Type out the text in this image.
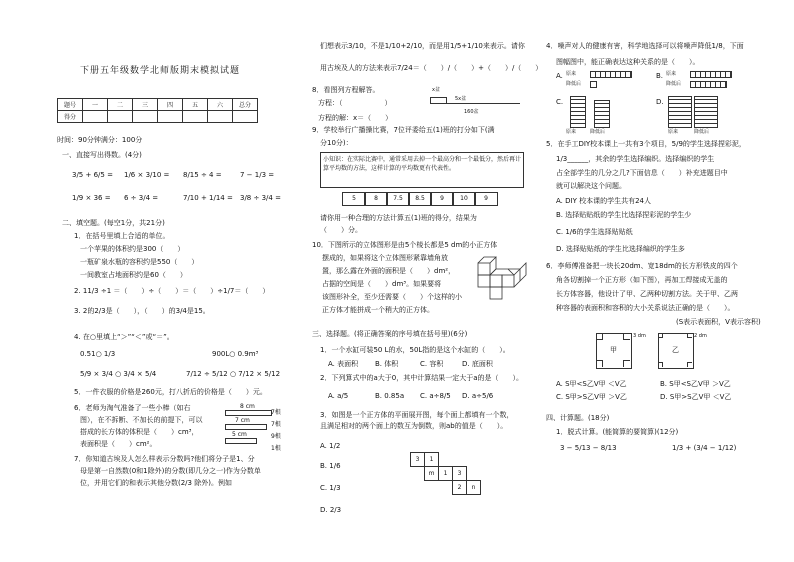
下册五年级数学北师版期末模拟试题
题号	一	二	三	四	五	六	总分
得分							
时间：90分钟满分：100分
一、直接写出得数。(4分)
3/5 + 6/5 = 1/6 × 3/10 = 8/15 ÷ 4 =	7 − 1/3 =
1/9 × 36 = 6 ÷ 3/4 =	7/10 + 1/14 = 3/8 ÷ 3/4 =
二、填空题。(每空1分，共21分)
1．在括号里填上合适的单位。
一个苹果的体积约是300（　　）
一瓶矿泉水瓶的容积约是550（　　）
一间教室占地面积约是60（　　）
2. 11/3 ÷1 ＝（　　）÷（　　）＝（　　）÷1/7＝（　　）
3. 2的2/3是（　　），（　　）的3/4是15。
4. 在○里填上“＞”“＜”或“＝”。
0.51○ 1/3	900L○ 0.9m³
5/9 × 3/4 ○ 3/4 × 5/4	7/12 ÷ 5/12 ○ 7/12 × 5/12
5．一件衣服的价格是260元，打八折后的价格是（　　）元。
6．老师为淘气准备了一些小棒（如右
图），在不拆断、不加长的前提下，可以
搭成的长方体的体积是（　　）cm³，
表面积是（　　）cm²。
8 cm
7根
7 cm
7根
5 cm	9根
1根
7．你知道古埃及人怎么样表示分数吗?他们将分子是1、分
母是第一自然数(0和1除外)的分数(即几分之一)作为分数单
位，并用它们的和表示其他分数(2/3 除外)。例如
们想表示3/10，不是1/10+2/10，而是用1/5+1/10来表示。请你
用古埃及人的方法来表示7/24＝（　　）/（　　）+（　　）/（　　）
8．看图列方程解答。
方程：（　　　　　　）
方程的解：x＝（　　）
x盆
5x盆
160盆
9．学校举行广播操比赛，7位评委给五(1)班的打分如下(满
分10分)：
小知识：在实际比赛中，通常采用去掉一个最高分和一个最低分，然后再计算平均数的方法，这样计算的平均数更有代表性。
5	8	7.5	8.5	9	10	9
请你用一种合理的方法计算五(1)班的得分，结果为
（　　）分。
10．下图所示的立体图形是由5个棱长都是5 dm的小正方体
摆成的，如果将这个立体图形紧靠墙角放
置，那么露在外面的面积是（　　）dm²，
占据的空间是（　　）dm³。如果要将
该图形补全，至少还需要（　　）个这样的小
正方体才能拼成一个稍大的正方体。
三、选择题。(将正确答案的序号填在括号里)(6分)
1．一个水缸可装50 L的水，50L指的是这个水缸的（　　）。
A. 表面积 B. 体积	C. 容积	D. 底面积
2．下列算式中的a大于0，其中计算结果一定大于a的是（　　）。
A. a/5	B. 0.85a C. a÷8/5 D. a÷5/6
3．如图是一个正方体的平面展开图，每个面上都填有一个数，且满足相对的两个面上的数互为倒数，则ab的值是（　　）。
A. 1/2
B. 1/6
C. 1/3
D. 2/3
3	1
m	1	3
2	n
4．噪声对人的健康有害，科学地选择可以将噪声降低1/8，下面
图幅图中，能正确表达这种关系的是（　　）。
A. 原来
降低后
B. 原来
降低后
C.
原来	降低后
D.
原来	降低后
5．在手工DIY校本课上一共有3个项目，5/9的学生选择捏彩泥，
1/3______，其余的学生选择编织。选择编织的学生
占全部学生的几分之几?下面信息（　　）补充进题目中
就可以解决这个问题。
A. DIY 校本课的学生共有24人
B. 选择贴贴纸的学生比选择捏彩泥的学生少
C. 1/6的学生选择贴贴纸
D. 选择贴贴纸的学生比选择编织的学生多
6．李师傅准备把一块长20dm、宽18dm的长方形铁皮的四个
角各切割掉一个正方形（如下图），再加工焊接成无盖的
长方体容器，他设计了甲、乙两种切割方法。关于甲、乙两
种容器的表面积和容积的大小关系说法正确的是（　　）。
(S表示表面积，V表示容积)
3 dm
甲
2 dm
乙
A. S甲<S乙V甲 ＜V乙	B. S甲<S乙V甲 ＞V乙
C. S甲>S乙V甲 ＞V乙	D. S甲>S乙V甲 ＜V乙
四、计算题。(18分)
1．脱式计算。(能简算的要简算)(12分)
3 − 5/13 − 8/13	1/3 + (3/4 − 1/12)
